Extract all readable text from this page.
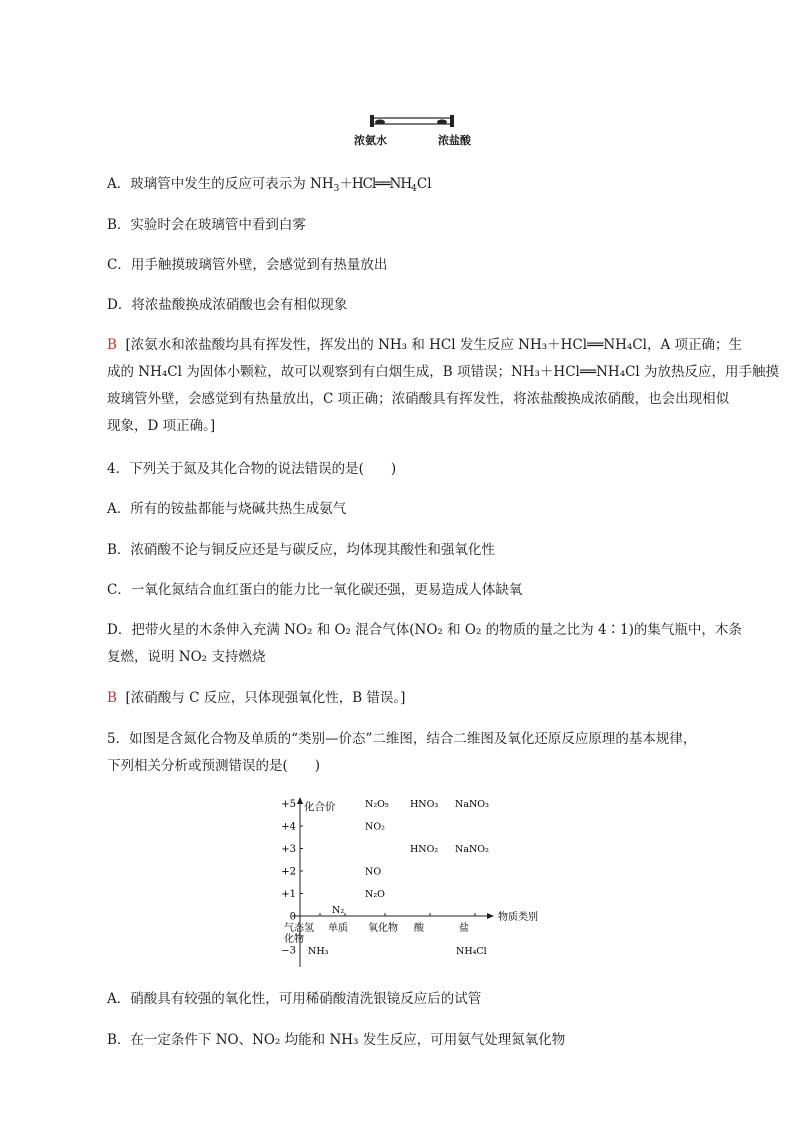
浓氨水	浓盐酸
A．玻璃管中发生的反应可表示为 $NH_3+HCl══NH_4Cl$
B．实验时会在玻璃管中看到白雾
C．用手触摸玻璃管外壁，会感觉到有热量放出
D．将浓盐酸换成浓硝酸也会有相似现象
B [浓氨水和浓盐酸均具有挥发性，挥发出的 NH₃ 和 HCl 发生反应 NH₃＋HCl══NH₄Cl，A 项正确；生
成的 NH₄Cl 为固体小颗粒，故可以观察到有白烟生成，B 项错误；NH₃＋HCl══NH₄Cl 为放热反应，用手触摸
玻璃管外壁，会感觉到有热量放出，C 项正确；浓硝酸具有挥发性，将浓盐酸换成浓硝酸，也会出现相似
现象，D 项正确。]
4．下列关于氮及其化合物的说法错误的是(　　)
A．所有的铵盐都能与烧碱共热生成氨气
B．浓硝酸不论与铜反应还是与碳反应，均体现其酸性和强氧化性
C．一氧化氮结合血红蛋白的能力比一氧化碳还强，更易造成人体缺氧
D．把带火星的木条伸入充满 NO₂ 和 O₂ 混合气体(NO₂ 和 O₂ 的物质的量之比为 4∶1)的集气瓶中，木条
复燃，说明 NO₂ 支持燃烧
B [浓硝酸与 C 反应，只体现强氧化性，B 错误。]
5．如图是含氮化合物及单质的“类别—价态”二维图，结合二维图及氧化还原反应原理的基本规律，
下列相关分析或预测错误的是(　　)
化合价
物质类别
+5
+4
+3
+2
+1
0
−3
气态氢化物
单质 氧化物 酸	盐
N₂
N₂O₅
NO₂
NO
N₂O
HNO₃
HNO₂
NaNO₃
NaNO₂
NH₄Cl
NH₃
A．硝酸具有较强的氧化性，可用稀硝酸清洗银镜反应后的试管
B．在一定条件下 NO、NO₂ 均能和 NH₃ 发生反应，可用氨气处理氮氧化物
